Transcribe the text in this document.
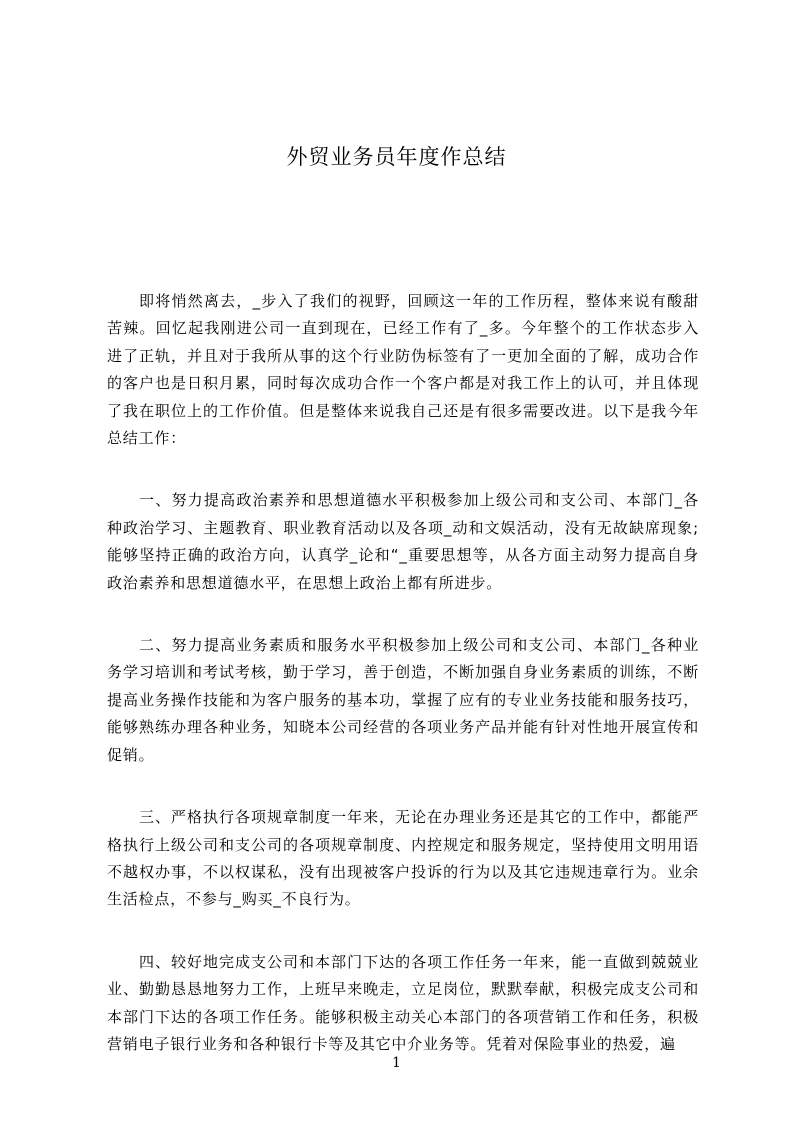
外贸业务员年度作总结

即将悄然离去，_步入了我们的视野，回顾这一年的工作历程，整体来说有酸甜苦辣。回忆起我刚进公司一直到现在，已经工作有了_多。今年整个的工作状态步入进了正轨，并且对于我所从事的这个行业防伪标签有了一更加全面的了解，成功合作的客户也是日积月累，同时每次成功合作一个客户都是对我工作上的认可，并且体现了我在职位上的工作价值。但是整体来说我自己还是有很多需要改进。以下是我今年总结工作：

一、努力提高政治素养和思想道德水平积极参加上级公司和支公司、本部门_各种政治学习、主题教育、职业教育活动以及各项_动和文娱活动，没有无故缺席现象;能够坚持正确的政治方向，认真学_论和“_重要思想等，从各方面主动努力提高自身政治素养和思想道德水平，在思想上政治上都有所进步。

二、努力提高业务素质和服务水平积极参加上级公司和支公司、本部门_各种业务学习培训和考试考核，勤于学习，善于创造，不断加强自身业务素质的训练，不断提高业务操作技能和为客户服务的基本功，掌握了应有的专业业务技能和服务技巧，能够熟练办理各种业务，知晓本公司经营的各项业务产品并能有针对性地开展宣传和促销。

三、严格执行各项规章制度一年来，无论在办理业务还是其它的工作中，都能严格执行上级公司和支公司的各项规章制度、内控规定和服务规定，坚持使用文明用语不越权办事，不以权谋私，没有出现被客户投诉的行为以及其它违规违章行为。业余生活检点，不参与_购买_不良行为。

四、较好地完成支公司和本部门下达的各项工作任务一年来，能一直做到兢兢业业、勤勤恳恳地努力工作，上班早来晚走，立足岗位，默默奉献，积极完成支公司和本部门下达的各项工作任务。能够积极主动关心本部门的各项营销工作和任务，积极营销电子银行业务和各种银行卡等及其它中介业务等。凭着对保险事业的热爱，遍

1
